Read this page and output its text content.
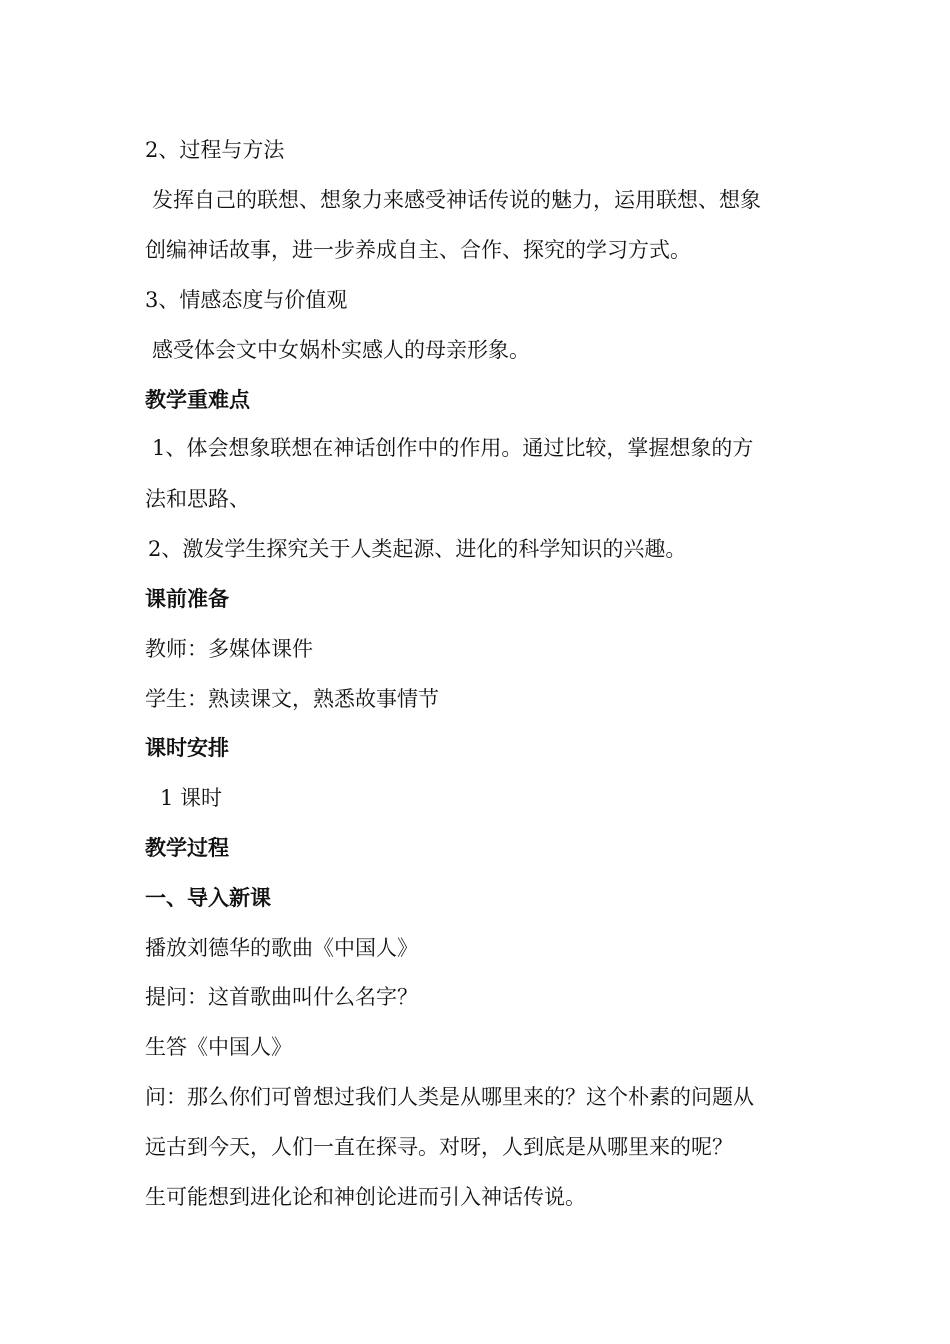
2、过程与方法
发挥自己的联想、想象力来感受神话传说的魅力，运用联想、想象
创编神话故事，进一步养成自主、合作、探究的学习方式。
3、情感态度与价值观
感受体会文中女娲朴实感人的母亲形象。
教学重难点
1、体会想象联想在神话创作中的作用。通过比较，掌握想象的方
法和思路、
2、激发学生探究关于人类起源、进化的科学知识的兴趣。
课前准备
教师：多媒体课件
学生：熟读课文，熟悉故事情节
课时安排
1 课时
教学过程
一、导入新课
播放刘德华的歌曲《中国人》
提问：这首歌曲叫什么名字？
生答《中国人》
问：那么你们可曾想过我们人类是从哪里来的？这个朴素的问题从
远古到今天，人们一直在探寻。对呀，人到底是从哪里来的呢？
生可能想到进化论和神创论进而引入神话传说。
